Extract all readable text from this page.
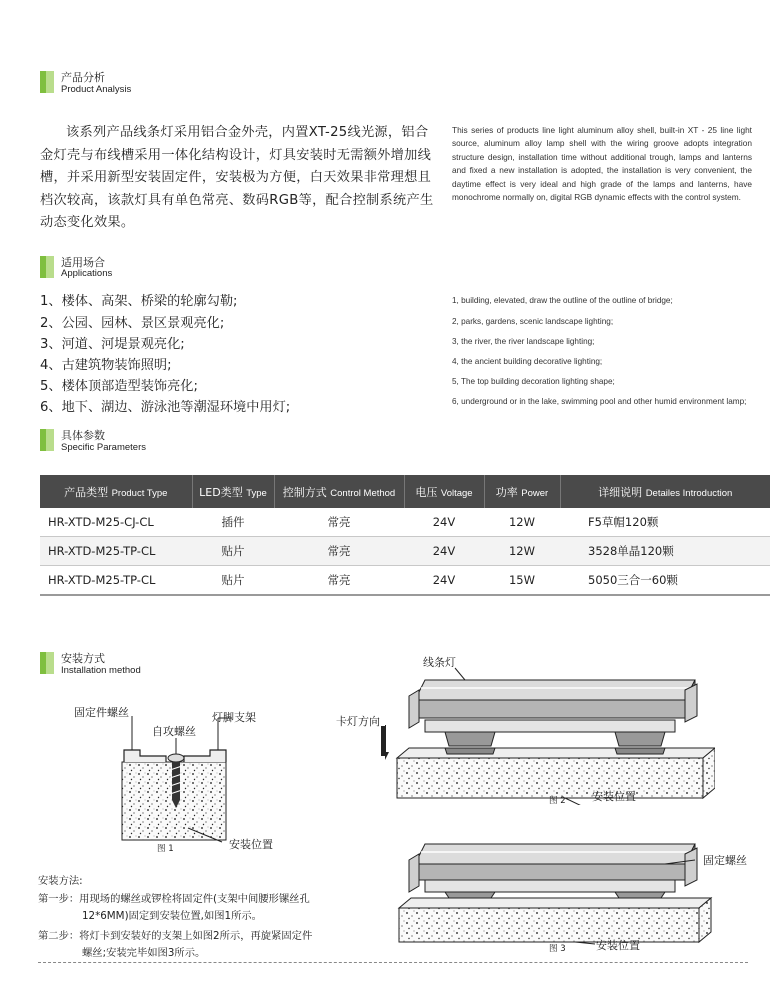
产品分析
Product Analysis
该系列产品线条灯采用铝合金外壳，内置XT-25线光源，铝合金灯壳与布线槽采用一体化结构设计，灯具安装时无需额外增加线槽，并采用新型安装固定件，安装极为方便，白天效果非常理想且档次较高，该款灯具有单色常亮、数码RGB等，配合控制系统产生动态变化效果。
This series of products line light aluminum alloy shell, built-in XT - 25 line light source, aluminum alloy lamp shell with the wiring groove adopts integration structure design, installation time without additional trough, lamps and lanterns and fixed a new installation is adopted, the installation is very convenient, the daytime effect is very ideal and high grade of the lamps and lanterns, have monochrome normally on, digital RGB dynamic effects with the control system.
适用场合
Applications
1、楼体、高架、桥梁的轮廓勾勒;
2、公园、园林、景区景观亮化;
3、河道、河堤景观亮化;
4、古建筑物装饰照明;
5、楼体顶部造型装饰亮化;
6、地下、湖边、游泳池等潮湿环境中用灯;
1, building, elevated, draw the outline of the outline of bridge;
2, parks, gardens, scenic landscape lighting;
3, the river, the river landscape lighting;
4, the ancient building decorative lighting;
5, The top building decoration lighting shape;
6, underground or in the lake, swimming pool and other humid environment lamp;
具体参数
Specific Parameters
产品类型 Product Type	LED类型 Type	控制方式 Control Method	电压 Voltage	功率 Power	详细说明 Detailes Introduction
HR-XTD-M25-CJ-CL	插件	常亮	24V	12W	F5草帽120颗
HR-XTD-M25-TP-CL	贴片	常亮	24V	12W	3528单晶120颗
HR-XTD-M25-TP-CL	贴片	常亮	24V	15W	5050三合一60颗
安装方式
Installation method
固定件螺丝
自攻螺丝
灯脚支架
安装位置
图 1
线条灯
卡灯方向
安装位置
图 2
固定螺丝
安装位置
图 3
安装方法:
第一步：用现场的螺丝或锣栓将固定件(支架中间腰形镙丝孔
12*6MM)固定到安装位置,如图1所示。
第二步：将灯卡到安装好的支架上如图2所示，再旋紧固定件
螺丝;安装完毕如图3所示。
